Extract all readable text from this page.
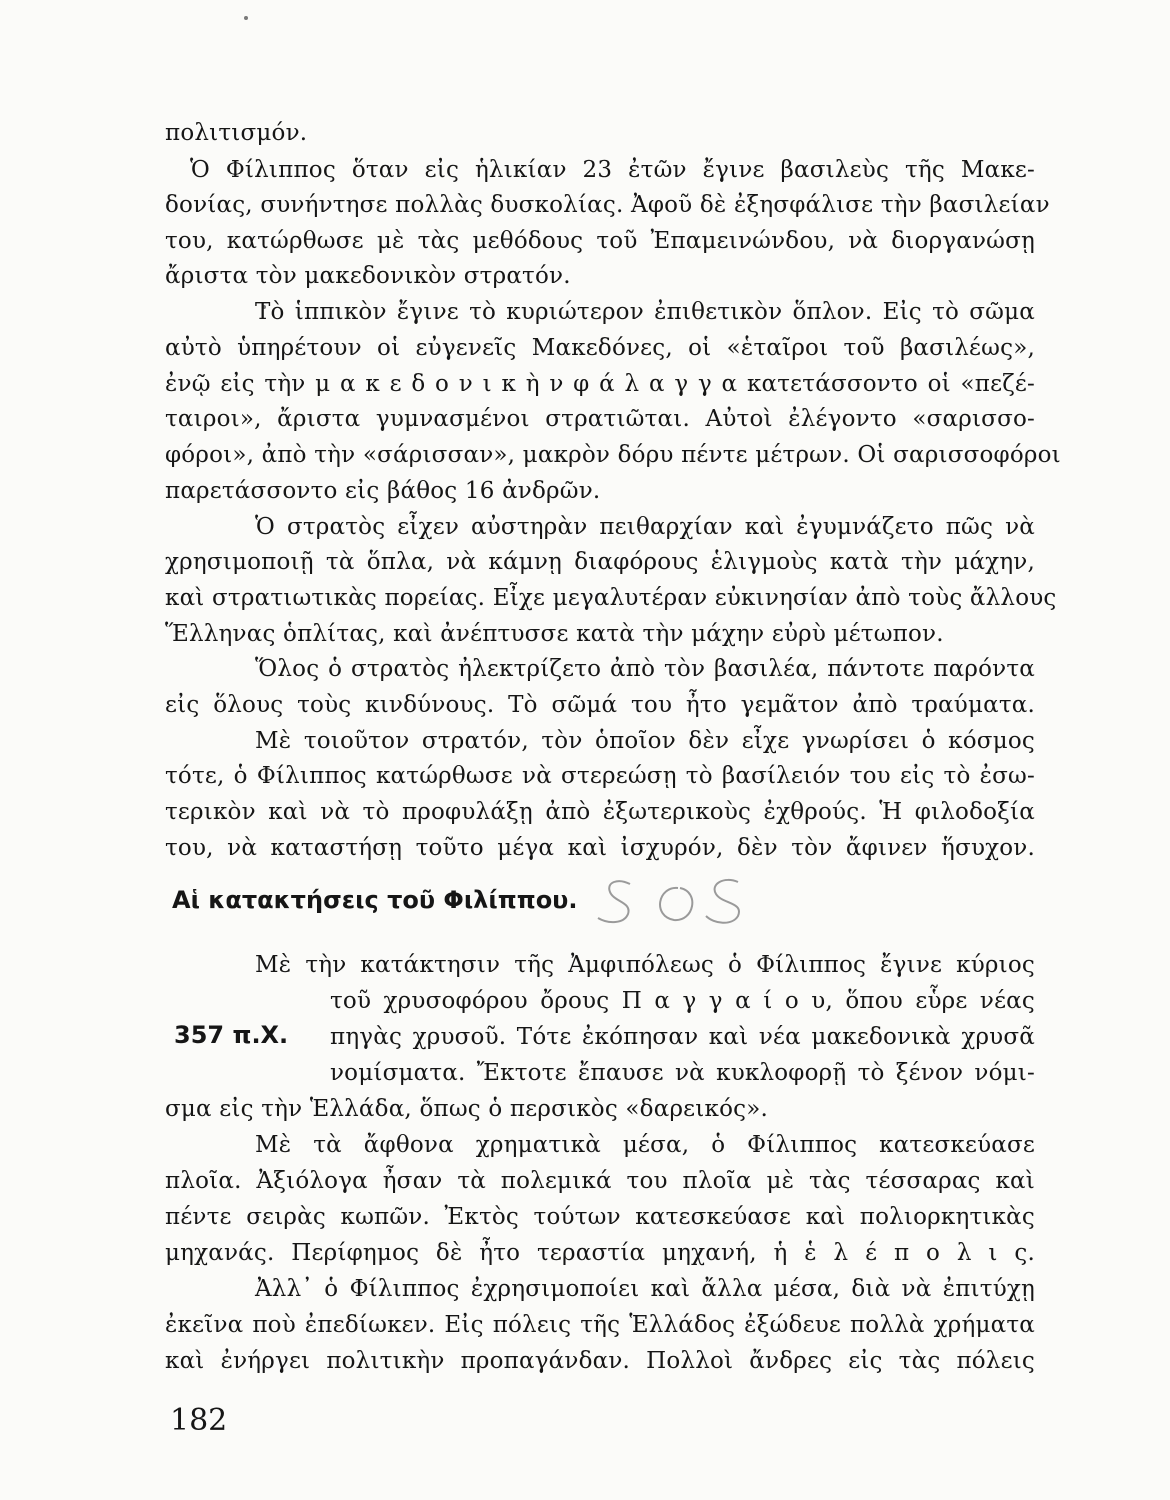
πολιτισμόν.
Ὁ Φίλιππος ὅταν εἰς ἡλικίαν 23 ἐτῶν ἔγινε βασιλεὺς τῆς Μακε-
δονίας, συνήντησε πολλὰς δυσκολίας. Ἀφοῦ δὲ ἐξησφάλισε τὴν βασιλείαν
του, κατώρθωσε μὲ τὰς μεθόδους τοῦ Ἐπαμεινώνδου, νὰ διοργανώσῃ
ἄριστα τὸν μακεδονικὸν στρατόν.
Τὸ ἱππικὸν ἔγινε τὸ κυριώτερον ἐπιθετικὸν ὅπλον. Εἰς τὸ σῶμα
αὐτὸ ὑπηρέτουν οἱ εὐγενεῖς Μακεδόνες, οἱ «ἑταῖροι τοῦ βασιλέως»,
ἐνῷ εἰς τὴν μ α κ ε δ ο ν ι κ ὴ ν φ ά λ α γ γ α κατετάσσοντο οἱ «πεζέ-
ταιροι», ἄριστα γυμνασμένοι στρατιῶται. Αὐτοὶ ἐλέγοντο «σαρισσο-
φόροι», ἀπὸ τὴν «σάρισσαν», μακρὸν δόρυ πέντε μέτρων. Οἱ σαρισσοφόροι
παρετάσσοντο εἰς βάθος 16 ἀνδρῶν.
Ὁ στρατὸς εἶχεν αὐστηρὰν πειθαρχίαν καὶ ἐγυμνάζετο πῶς νὰ
χρησιμοποιῇ τὰ ὅπλα, νὰ κάμνῃ διαφόρους ἑλιγμοὺς κατὰ τὴν μάχην,
καὶ στρατιωτικὰς πορείας. Εἶχε μεγαλυτέραν εὐκινησίαν ἀπὸ τοὺς ἄλλους
Ἕλληνας ὁπλίτας, καὶ ἀνέπτυσσε κατὰ τὴν μάχην εὐρὺ μέτωπον.
Ὅλος ὁ στρατὸς ἠλεκτρίζετο ἀπὸ τὸν βασιλέα, πάντοτε παρόντα
εἰς ὅλους τοὺς κινδύνους. Τὸ σῶμά του ἦτο γεμᾶτον ἀπὸ τραύματα.
Μὲ τοιοῦτον στρατόν, τὸν ὁποῖον δὲν εἶχε γνωρίσει ὁ κόσμος
τότε, ὁ Φίλιππος κατώρθωσε νὰ στερεώσῃ τὸ βασίλειόν του εἰς τὸ ἐσω-
τερικὸν καὶ νὰ τὸ προφυλάξῃ ἀπὸ ἐξωτερικοὺς ἐχθρούς. Ἡ φιλοδοξία
του, νὰ καταστήσῃ τοῦτο μέγα καὶ ἰσχυρόν, δὲν τὸν ἄφινεν ἥσυχον.
Αἱ κατακτήσεις τοῦ Φιλίππου.
357 π.Χ.
Μὲ τὴν κατάκτησιν τῆς Ἀμφιπόλεως ὁ Φίλιππος ἔγινε κύριος
τοῦ χρυσοφόρου ὄρους Π α γ γ α ί ο υ, ὅπου εὗρε νέας
πηγὰς χρυσοῦ. Τότε ἐκόπησαν καὶ νέα μακεδονικὰ χρυσᾶ
νομίσματα. Ἔκτοτε ἔπαυσε νὰ κυκλοφορῇ τὸ ξένον νόμι-
σμα εἰς τὴν Ἑλλάδα, ὅπως ὁ περσικὸς «δαρεικός».
Μὲ τὰ ἄφθονα χρηματικὰ μέσα, ὁ Φίλιππος κατεσκεύασε
πλοῖα. Ἀξιόλογα ἦσαν τὰ πολεμικά του πλοῖα μὲ τὰς τέσσαρας καὶ
πέντε σειρὰς κωπῶν. Ἐκτὸς τούτων κατεσκεύασε καὶ πολιορκητικὰς
μηχανάς. Περίφημος δὲ ἦτο τεραστία μηχανή, ἡ ἑ λ έ π ο λ ι ς.
Ἀλλ᾽ ὁ Φίλιππος ἐχρησιμοποίει καὶ ἄλλα μέσα, διὰ νὰ ἐπιτύχῃ
ἐκεῖνα ποὺ ἐπεδίωκεν. Εἰς πόλεις τῆς Ἑλλάδος ἐξώδευε πολλὰ χρήματα
καὶ ἐνήργει πολιτικὴν προπαγάνδαν. Πολλοὶ ἄνδρες εἰς τὰς πόλεις
182
